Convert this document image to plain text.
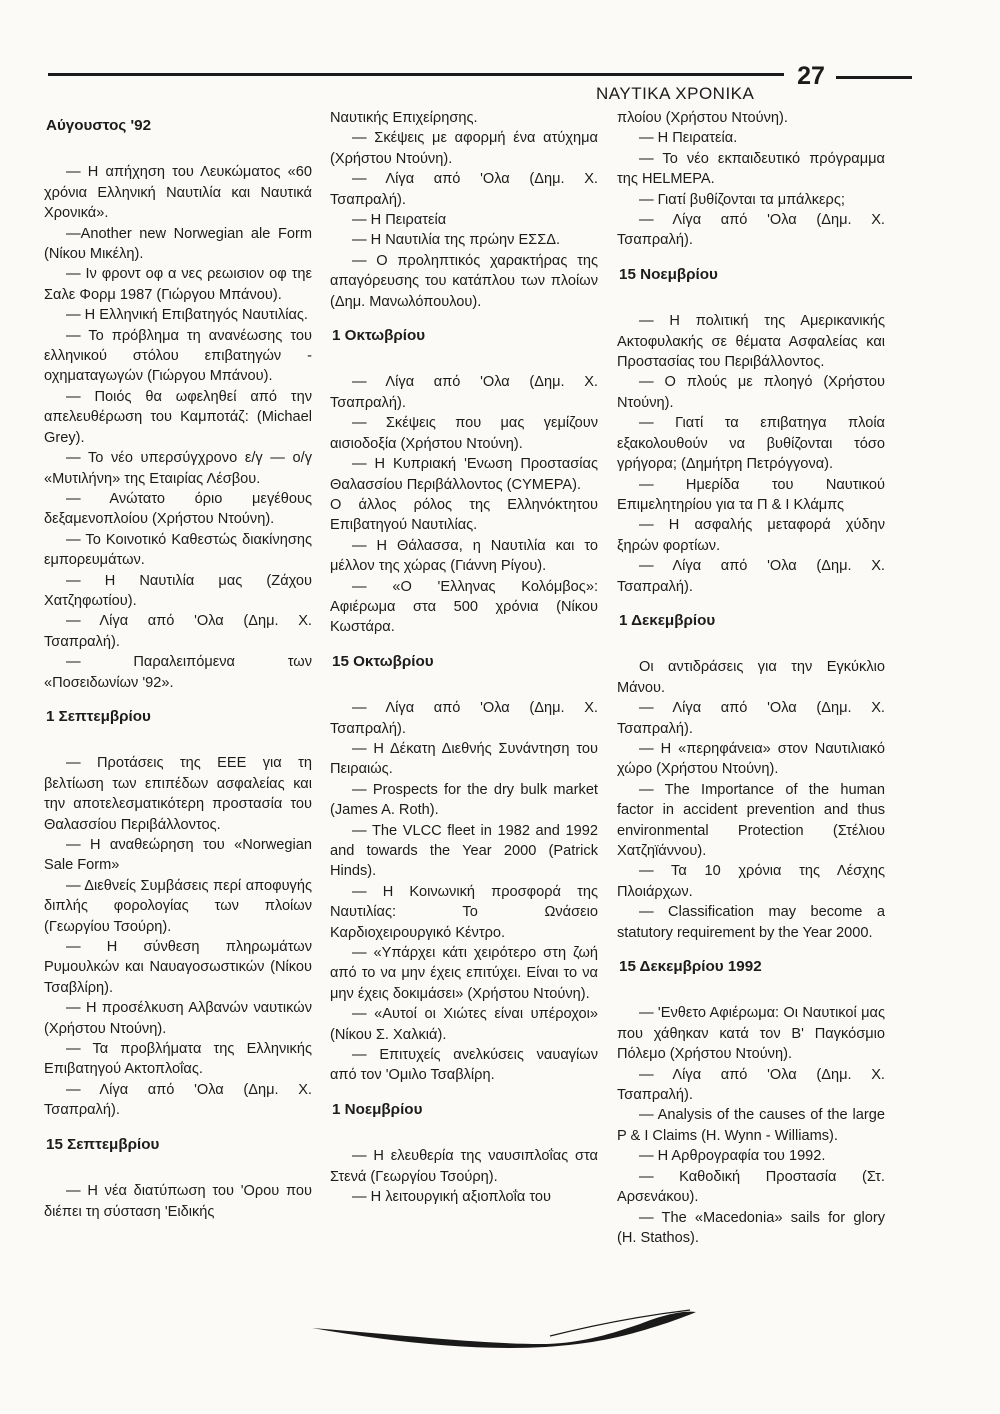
27
ΝΑΥΤΙΚΑ ΧΡΟΝΙΚΑ
Αύγουστος '92

— Η απήχηση του Λευκώματος «60 χρόνια Ελληνική Ναυτιλία και Ναυτικά Χρονικά».

—Another new Norwegian ale Form (Νίκου Μικέλη).

— Ιν φροντ οφ α νες ρεωισιον οφ τηε Σαλε Φορμ 1987 (Γιώργου Μπάνου).

— Η Ελληνική Επιβατηγός Ναυτιλίας.

— Το πρόβλημα τη ανανέωσης του ελληνικού στόλου επιβατηγών - οχηματαγωγών (Γιώργου Μπάνου).

— Ποιός θα ωφεληθεί από την απελευθέρωση του Καμποτάζ: (Michael Grey).

— Το νέο υπερσύγχρονο ε/γ — ο/γ «Μυτιλήνη» της Εταιρίας Λέσβου.

— Ανώτατο όριο μεγέθους δεξαμενοπλοίου (Χρήστου Ντούνη).

— Το Κοινοτικό Καθεστώς διακίνησης εμπορευμάτων.

— Η Ναυτιλία μας (Ζάχου Χατζηφωτίου).

— Λίγα από 'Ολα (Δημ. Χ. Τσαπραλή).

— Παραλειπόμενα των «Ποσειδωνίων '92».

1 Σεπτεμβρίου

— Προτάσεις της ΕΕΕ για τη βελτίωση των επιπέδων ασφαλείας και την αποτελεσματικότερη προστασία του Θαλασσίου Περιβάλλοντος.

— Η αναθεώρηση του «Norwegian Sale Form»

— Διεθνείς Συμβάσεις περί αποφυγής διπλής φορολογίας των πλοίων (Γεωργίου Τσούρη).

— Η σύνθεση πληρωμάτων Ρυμουλκών και Ναυαγοσωστικών (Νίκου Τσαβλίρη).

— Η προσέλκυση Αλβανών ναυτικών (Χρήστου Ντούνη).

— Τα προβλήματα της Ελληνικής Επιβατηγού Ακτοπλοΐας.

— Λίγα από 'Ολα (Δημ. Χ. Τσαπραλή).

15 Σεπτεμβρίου

— Η νέα διατύπωση του 'Ορου που διέπει τη σύσταση 'Ειδικής

Ναυτικής Επιχείρησης.

— Σκέψεις με αφορμή ένα ατύχημα (Χρήστου Ντούνη).

— Λίγα από 'Ολα (Δημ. Χ. Τσαπραλή).

— Η Πειρατεία

— Η Ναυτιλία της πρώην ΕΣΣΔ.

— Ο προληπτικός χαρακτήρας της απαγόρευσης του κατάπλου των πλοίων (Δημ. Μανωλόπουλου).

1 Οκτωβρίου

— Λίγα από 'Ολα (Δημ. Χ. Τσαπραλή).

— Σκέψεις που μας γεμίζουν αισιοδοξία (Χρήστου Ντούνη).

— Η Κυπριακή 'Ενωση Προστασίας Θαλασσίου Περιβάλλοντος (CYMEPA).

Ο άλλος ρόλος της Ελληνόκτητου Επιβατηγού Ναυτιλίας.

— Η Θάλασσα, η Ναυτιλία και το μέλλον της χώρας (Γιάννη Ρίγου).

— «Ο 'Ελληνας Κολόμβος»: Αφιέρωμα στα 500 χρόνια (Νίκου Κωστάρα.

15 Οκτωβρίου

— Λίγα από 'Ολα (Δημ. Χ. Τσαπραλή).

— Η Δέκατη Διεθνής Συνάντηση του Πειραιώς.

— Prospects for the dry bulk market (James A. Roth).

— The VLCC fleet in 1982 and 1992 and towards the Year 2000 (Patrick Hinds).

— Η Κοινωνική προσφορά της Ναυτιλίας: Το Ωνάσειο Καρδιοχειρουργικό Κέντρο.

— «Υπάρχει κάτι χειρότερο στη ζωή από το να μην έχεις επιτύχει. Είναι το να μην έχεις δοκιμάσει» (Χρήστου Ντούνη).

— «Αυτοί οι Χιώτες είναι υπέροχοι» (Νίκου Σ. Χαλκιά).

— Επιτυχείς ανελκύσεις ναυαγίων από τον 'Ομιλο Τσαβλίρη.

1 Νοεμβρίου

— Η ελευθερία της ναυσιπλοΐας στα Στενά (Γεωργίου Τσούρη).

— Η λειτουργική αξιοπλοΐα του

πλοίου (Χρήστου Ντούνη).

— Η Πειρατεία.

— Το νέο εκπαιδευτικό πρόγραμμα της HELMEPA.

— Γιατί βυθίζονται τα μπάλκερς;

— Λίγα από 'Ολα (Δημ. Χ. Τσαπραλή).

15 Νοεμβρίου

— Η πολιτική της Αμερικανικής Ακτοφυλακής σε θέματα Ασφαλείας και Προστασίας του Περιβάλλοντος.

— Ο πλούς με πλοηγό (Χρήστου Ντούνη).

— Γιατί τα επιβατηγα πλοία εξακολουθούν να βυθίζονται τόσο γρήγορα; (Δημήτρη Πετρόγγονα).

— Ημερίδα του Ναυτικού Επιμελητηρίου για τα Π & Ι Κλάμπς

— Η ασφαλής μεταφορά χύδην ξηρών φορτίων.

— Λίγα από 'Ολα (Δημ. Χ. Τσαπραλή).

1 Δεκεμβρίου

Οι αντιδράσεις για την Εγκύκλιο Μάνου.

— Λίγα από 'Ολα (Δημ. Χ. Τσαπραλή).

— Η «περηφάνεια» στον Ναυτιλιακό χώρο (Χρήστου Ντούνη).

— The Importance of the human factor in accident prevention and thus environmental Protection (Στέλιου Χατζηϊάννου).

— Τα 10 χρόνια της Λέσχης Πλοιάρχων.

— Classification may become a statutory requirement by the Year 2000.

15 Δεκεμβρίου 1992

— 'Ενθετο Αφιέρωμα: Οι Ναυτικοί μας που χάθηκαν κατά τον Β' Παγκόσμιο Πόλεμο (Χρήστου Ντούνη).

— Λίγα από 'Ολα (Δημ. Χ. Τσαπραλή).

— Analysis of the causes of the large P & I Claims (H. Wynn - Williams).

— Η Αρθρογραφία του 1992.

— Καθοδική Προστασία (Στ. Αρσενάκου).

— The «Macedonia» sails for glory (H. Stathos).
